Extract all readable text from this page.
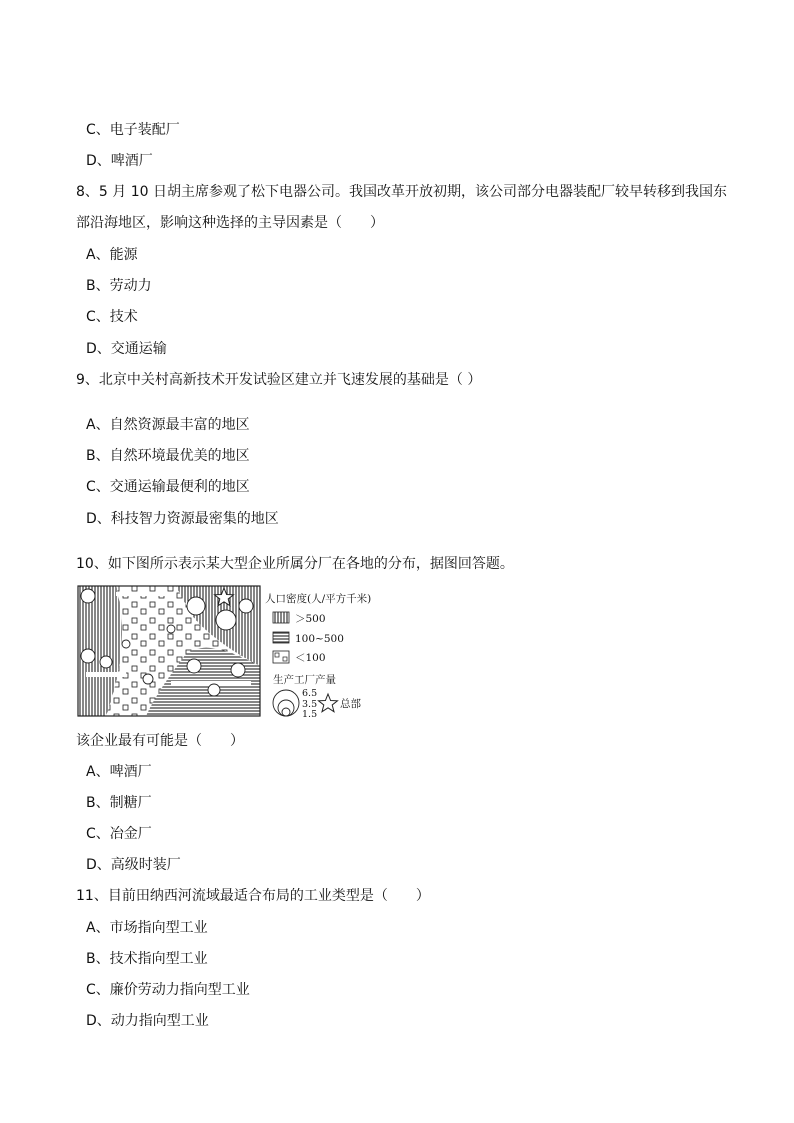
C、电子装配厂
D、啤酒厂
8、5 月 10 日胡主席参观了松下电器公司。我国改革开放初期，该公司部分电器装配厂较早转移到我国东
部沿海地区，影响这种选择的主导因素是（　　）
A、能源
B、劳动力
C、技术
D、交通运输
9、北京中关村高新技术开发试验区建立并飞速发展的基础是（ ）
A、自然资源最丰富的地区
B、自然环境最优美的地区
C、交通运输最便利的地区
D、科技智力资源最密集的地区
10、如下图所示表示某大型企业所属分厂在各地的分布，据图回答题。
人口密度(人/平方千米)
＞500
100~500
＜100
生产工厂产量
6.5
3.5
1.5
总部
该企业最有可能是（　　）
A、啤酒厂
B、制糖厂
C、冶金厂
D、高级时装厂
11、目前田纳西河流域最适合布局的工业类型是（　　）
A、市场指向型工业
B、技术指向型工业
C、廉价劳动力指向型工业
D、动力指向型工业
